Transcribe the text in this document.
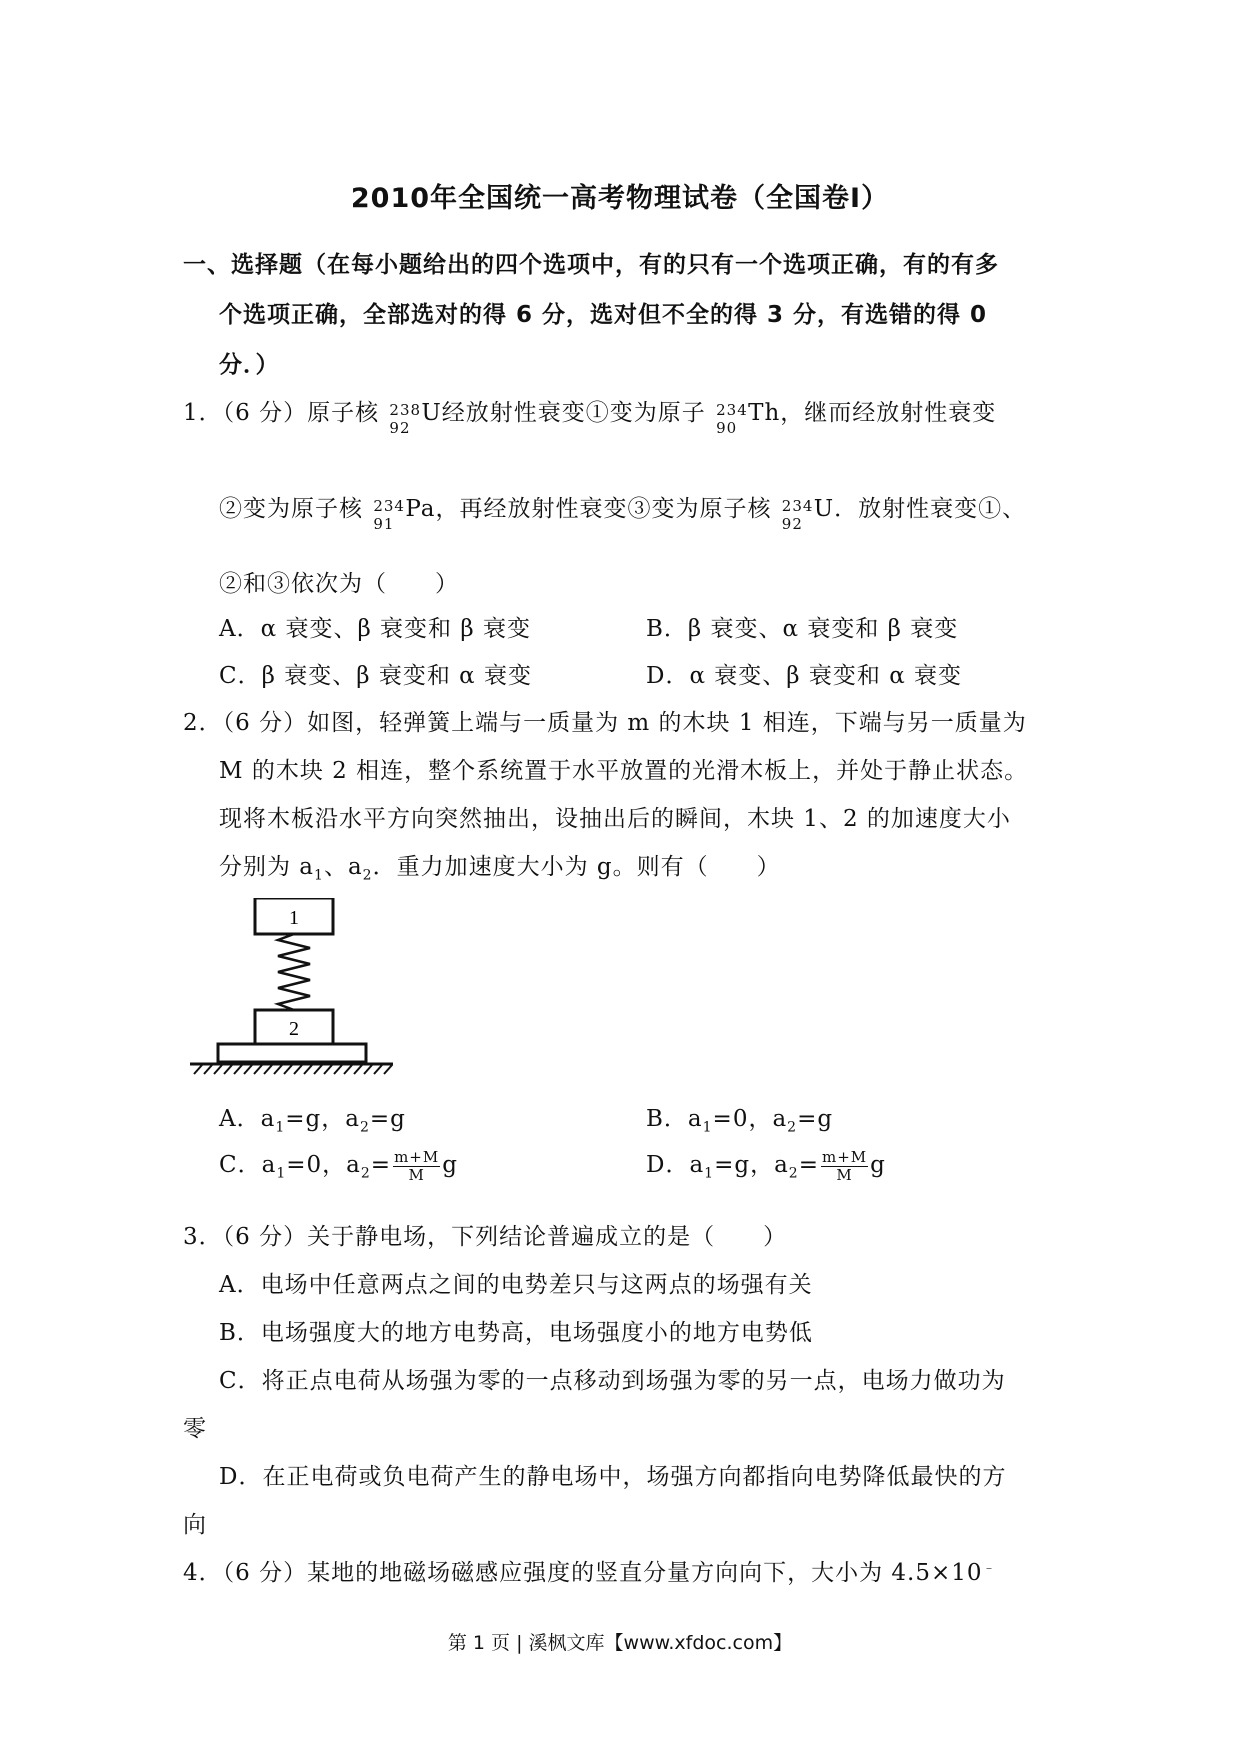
2010年全国统一高考物理试卷（全国卷Ⅰ）
一、选择题（在每小题给出的四个选项中，有的只有一个选项正确，有的有多
个选项正确，全部选对的得 6 分，选对但不全的得 3 分，有选错的得 0
分．）
1．（6 分）原子核 238
92
U经放射性衰变①变为原子 234
90
Th，继而经放射性衰变
②变为原子核 234
91
Pa，再经放射性衰变③变为原子核 234
92
U．放射性衰变①、
②和③依次为（　　）
A．α 衰变、β 衰变和 β 衰变	B．β 衰变、α 衰变和 β 衰变
C．β 衰变、β 衰变和 α 衰变	D．α 衰变、β 衰变和 α 衰变
2．（6 分）如图，轻弹簧上端与一质量为 m 的木块 1 相连，下端与另一质量为
M 的木块 2 相连，整个系统置于水平放置的光滑木板上，并处于静止状态。
现将木板沿水平方向突然抽出，设抽出后的瞬间，木块 1、2 的加速度大小
分别为 $a_1$、$a_2$．重力加速度大小为 g。则有（　　）
1
2
A．$a_1=g$，$a_2=g$	B．$a_1=0$，$a_2=g$
C．$a_1=0$，$a_2= \frac{m+M}{M}$ g	D．$a_1=g$，$a_2= \frac{m+M}{M}$ g
3．（6 分）关于静电场，下列结论普遍成立的是（　　）
A．电场中任意两点之间的电势差只与这两点的场强有关
B．电场强度大的地方电势高，电场强度小的地方电势低
C．将正点电荷从场强为零的一点移动到场强为零的另一点，电场力做功为
零
D．在正电荷或负电荷产生的静电场中，场强方向都指向电势降低最快的方
向
4．（6 分）某地的地磁场磁感应强度的竖直分量方向向下，大小为 4.5×10﹣
第 1 页 | 溪枫文库【www.xfdoc.com】
